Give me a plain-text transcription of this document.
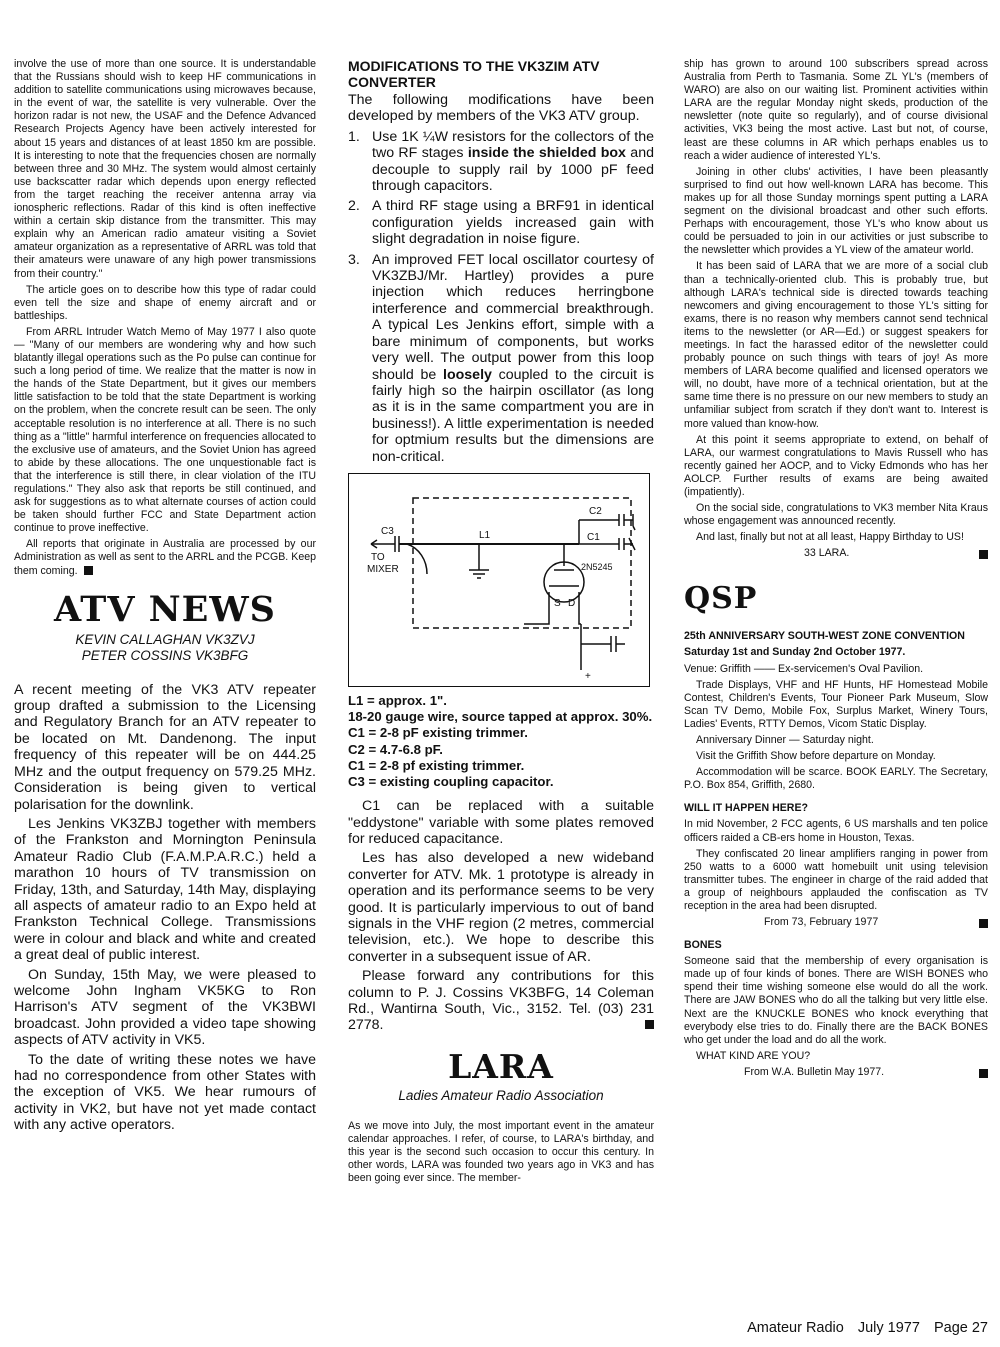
involve the use of more than one source. It is understandable that the Russians should wish to keep HF communications in addition to satellite communications using microwaves because, in the event of war, the satellite is very vulnerable. Over the horizon radar is not new, the USAF and the Defence Advanced Research Projects Agency have been actively interested for about 15 years and distances of at least 1850 km are possible. It is interesting to note that the frequencies chosen are normally between three and 30 MHz. The system would almost certainly use backscatter radar which depends upon energy reflected from the target reaching the receiver antenna array via ionospheric reflections. Radar of this kind is often ineffective within a certain skip distance from the transmitter. This may explain why an American radio amateur visiting a Soviet amateur organization as a representative of ARRL was told that their amateurs were unaware of any high power transmissions from their country."

The article goes on to describe how this type of radar could even tell the size and shape of enemy aircraft and or battleships.

From ARRL Intruder Watch Memo of May 1977 I also quote — "Many of our members are wondering why and how such blatantly illegal operations such as the Po pulse can continue for such a long period of time. We realize that the matter is now in the hands of the State Department, but it gives our members little satisfaction to be told that the state Department is working on the problem, when the concrete result can be seen. The only acceptable resolution is no interference at all. There is no such thing as a "little" harmful interference on frequencies allocated to the exclusive use of amateurs, and the Soviet Union has agreed to abide by these allocations. The one unquestionable fact is that the interference is still there, in clear violation of the ITU regulations." They also ask that reports be still continued, and ask for suggestions as to what alternate courses of action could be taken should further FCC and State Department action continue to prove ineffective.

All reports that originate in Australia are processed by our Administration as well as sent to the ARRL and the PCGB. Keep them coming.

ATV NEWS

KEVIN CALLAGHAN VK3ZVJ

PETER COSSINS VK3BFG

A recent meeting of the VK3 ATV repeater group drafted a submission to the Licensing and Regulatory Branch for an ATV repeater to be located on Mt. Dandenong. The input frequency of this repeater will be on 444.25 MHz and the output frequency on 579.25 MHz. Consideration is being given to vertical polarisation for the downlink.

Les Jenkins VK3ZBJ together with members of the Frankston and Mornington Peninsula Amateur Radio Club (F.A.M.P.A.R.C.) held a marathon 10 hours of TV transmission on Friday, 13th, and Saturday, 14th May, displaying all aspects of amateur radio to an Expo held at Frankston Technical College. Transmissions were in colour and black and white and created a great deal of public interest.

On Sunday, 15th May, we were pleased to welcome John Ingham VK5KG to Ron Harrison's ATV segment of the VK3BWI broadcast. John provided a video tape showing aspects of ATV activity in VK5.

To the date of writing these notes we have had no correspondence from other States with the exception of VK5. We hear rumours of activity in VK2, but have not yet made contact with any active operators.

MODIFICATIONS TO THE VK3ZIM ATV CONVERTER

The following modifications have been developed by members of the VK3 ATV group.

1. Use 1K ¼W resistors for the collectors of the two RF stages inside the shielded box and decouple to supply rail by 1000 pF feed through capacitors.
2. A third RF stage using a BRF91 in identical configuration yields increased gain with slight degradation in noise figure.
3. An improved FET local oscillator courtesy of VK3ZBJ/Mr. Hartley) provides a pure injection which reduces herringbone interference and commercial breakthrough. A typical Les Jenkins effort, simple with a bare minimum of components, but works very well. The output power from this loop should be loosely coupled to the circuit is fairly high so the hairpin oscillator (as long as it is in the same compartment you are in business!). A little experimentation is needed for optmium results but the dimensions are non-critical.
C2
C1
C3	L1
TO
MIXER	2N5245
S D
+
L1 = approx. 1".
18-20 gauge wire, source tapped at approx. 30%.
C1 = 2-8 pF existing trimmer.
C2 = 4.7-6.8 pF.
C1 = 2-8 pf existing trimmer.
C3 = existing coupling capacitor.

C1 can be replaced with a suitable "eddystone" variable with some plates removed for reduced capacitance.

Les has also developed a new wideband converter for ATV. Mk. 1 prototype is already in operation and its performance seems to be very good. It is particularly impervious to out of band signals in the VHF region (2 metres, commercial television, etc.). We hope to describe this converter in a subsequent issue of AR.

Please forward any contributions for this column to P. J. Cossins VK3BFG, 14 Coleman Rd., Wantirna South, Vic., 3152. Tel. (03) 231 2778.

LARA

Ladies Amateur Radio Association

As we move into July, the most important event in the amateur calendar approaches. I refer, of course, to LARA's birthday, and this year is the second such occasion to occur this century. In other words, LARA was founded two years ago in VK3 and has been going ever since. The member-

ship has grown to around 100 subscribers spread across Australia from Perth to Tasmania. Some ZL YL's (members of WARO) are also on our waiting list. Prominent activities within LARA are the regular Monday night skeds, production of the newsletter (note quite so regularly), and of course divisional activities, VK3 being the most active. Last but not, of course, least are these columns in AR which perhaps enables us to reach a wider audience of interested YL's.

Joining in other clubs' activities, I have been pleasantly surprised to find out how well-known LARA has become. This makes up for all those Sunday mornings spent putting a LARA segment on the divisional broadcast and other such efforts. Perhaps with encouragement, those YL's who know about us could be persuaded to join in our activities or just subscribe to the newsletter which provides a YL view of the amateur world.

It has been said of LARA that we are more of a social club than a technically-oriented club. This is probably true, but although LARA's technical side is directed towards teaching newcomers and giving encouragement to those YL's sitting for exams, there is no reason why members cannot send technical items to the newsletter (or AR—Ed.) or suggest speakers for meetings. In fact the harassed editor of the newsletter could probably pounce on such things with tears of joy! As more members of LARA become qualified and licensed operators we will, no doubt, have more of a technical orientation, but at the same time there is no pressure on our new members to study an unfamiliar subject from scratch if they don't want to. Interest is more valued than know-how.

At this point it seems appropriate to extend, on behalf of LARA, our warmest congratulations to Mavis Russell who has recently gained her AOCP, and to Vicky Edmonds who has her AOLCP. Further results of exams are being awaited (impatiently).

On the social side, congratulations to VK3 member Nita Kraus whose engagement was announced recently.

And last, finally but not at all least, Happy Birthday to US!

33 LARA.

QSP

25th ANNIVERSARY SOUTH-WEST ZONE CONVENTION

Saturday 1st and Sunday 2nd October 1977.

Venue: Griffith —— Ex-servicemen's Oval Pavilion.

Trade Displays, VHF and HF Hunts, HF Homestead Mobile Contest, Children's Events, Tour Pioneer Park Museum, Slow Scan TV Demo, Mobile Fox, Surplus Market, Winery Tours, Ladies' Events, RTTY Demos, Vicom Static Display.

Anniversary Dinner — Saturday night.

Visit the Griffith Show before departure on Monday.

Accommodation will be scarce. BOOK EARLY. The Secretary, P.O. Box 854, Griffith, 2680.

WILL IT HAPPEN HERE?

In mid November, 2 FCC agents, 6 US marshalls and ten police officers raided a CB-ers home in Houston, Texas.

They confiscated 20 linear amplifiers ranging in power from 250 watts to a 6000 watt homebuilt unit using television transmitter tubes. The engineer in charge of the raid added that a group of neighbours applauded the confiscation as TV reception in the area had been disrupted.

From 73, February 1977

BONES

Someone said that the membership of every organisation is made up of four kinds of bones. There are WISH BONES who spend their time wishing someone else would do all the work. There are JAW BONES who do all the talking but very little else. Next are the KNUCKLE BONES who knock everything that everybody else tries to do. Finally there are the BACK BONES who get under the load and do all the work.

WHAT KIND ARE YOU?

From W.A. Bulletin May 1977.

Amateur Radio July 1977 Page 27
